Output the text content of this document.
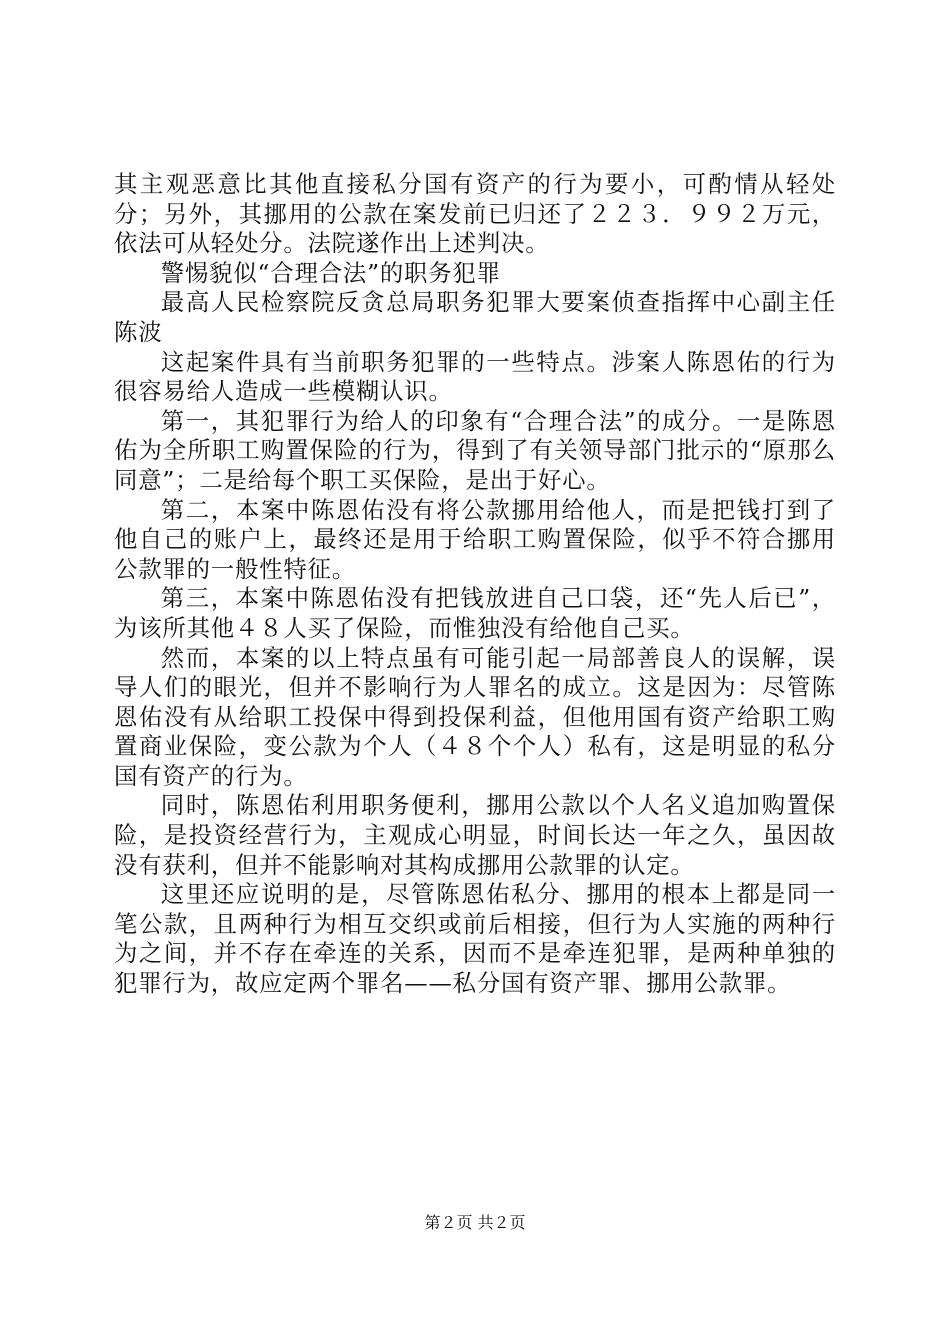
其主观恶意比其他直接私分国有资产的行为要小，可酌情从轻处分；另外，其挪用的公款在案发前已归还了２２３．９９２万元，依法可从轻处分。法院遂作出上述判决。

警惕貌似“合理合法”的职务犯罪

最高人民检察院反贪总局职务犯罪大要案侦查指挥中心副主任陈波

这起案件具有当前职务犯罪的一些特点。涉案人陈恩佑的行为很容易给人造成一些模糊认识。

第一，其犯罪行为给人的印象有“合理合法”的成分。一是陈恩佑为全所职工购置保险的行为，得到了有关领导部门批示的“原那么同意”；二是给每个职工买保险，是出于好心。

第二，本案中陈恩佑没有将公款挪用给他人，而是把钱打到了他自己的账户上，最终还是用于给职工购置保险，似乎不符合挪用公款罪的一般性特征。

第三，本案中陈恩佑没有把钱放进自己口袋，还“先人后已”，为该所其他４８人买了保险，而惟独没有给他自己买。

然而，本案的以上特点虽有可能引起一局部善良人的误解，误导人们的眼光，但并不影响行为人罪名的成立。这是因为：尽管陈恩佑没有从给职工投保中得到投保利益，但他用国有资产给职工购置商业保险，变公款为个人（４８个个人）私有，这是明显的私分国有资产的行为。

同时，陈恩佑利用职务便利，挪用公款以个人名义追加购置保险，是投资经营行为，主观成心明显，时间长达一年之久，虽因故没有获利，但并不能影响对其构成挪用公款罪的认定。

这里还应说明的是，尽管陈恩佑私分、挪用的根本上都是同一笔公款，且两种行为相互交织或前后相接，但行为人实施的两种行为之间，并不存在牵连的关系，因而不是牵连犯罪，是两种单独的犯罪行为，故应定两个罪名——私分国有资产罪、挪用公款罪。

第２页 共２页
